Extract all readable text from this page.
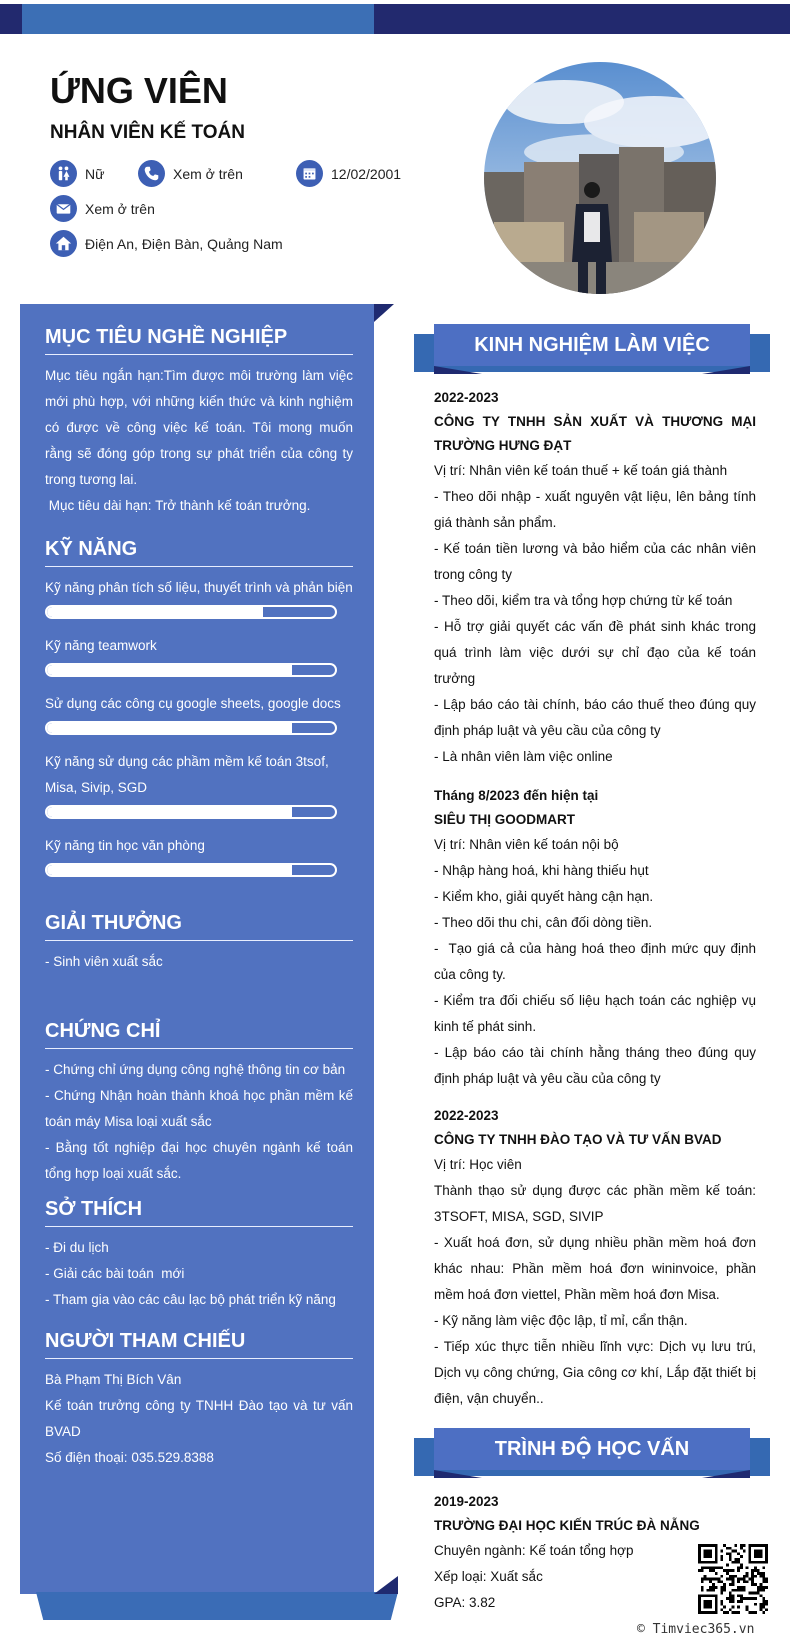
ỨNG VIÊN
NHÂN VIÊN KẾ TOÁN
Nữ	Xem ở trên	12/02/2001
Xem ở trên
Điện An, Điện Bàn, Quảng Nam
MỤC TIÊU NGHỀ NGHIỆP

Mục tiêu ngắn hạn:Tìm được môi trường làm việc mới phù hợp, với những kiến thức và kinh nghiệm có được về công việc kế toán. Tôi mong muốn rằng sẽ đóng góp trong sự phát triển của công ty trong tương lai.

Mục tiêu dài hạn: Trở thành kế toán trưởng.

KỸ NĂNG
Kỹ năng phân tích số liệu, thuyết trình và phản biện
Kỹ năng teamwork
Sử dụng các công cụ google sheets, google docs
Kỹ năng sử dụng các phầm mềm kế toán 3tsof, Misa, Sivip, SGD
Kỹ năng tin học văn phòng
GIẢI THƯỞNG

- Sinh viên xuất sắc

CHỨNG CHỈ

- Chứng chỉ ứng dụng công nghệ thông tin cơ bản

- Chứng Nhận hoàn thành khoá học phần mềm kế toán máy Misa loại xuất sắc

- Bằng tốt nghiệp đại học chuyên ngành kế toán tổng hợp loại xuất sắc.

SỞ THÍCH

- Đi du lịch

- Giải các bài toán  mới

- Tham gia vào các câu lạc bộ phát triển kỹ năng

NGƯỜI THAM CHIẾU

Bà Phạm Thị Bích Vân

Kế toán trưởng công ty TNHH Đào tạo và tư vấn BVAD

Số điện thoại: 035.529.8388

KINH NGHIỆM LÀM VIỆC
2022-2023
CÔNG TY TNHH SẢN XUẤT VÀ THƯƠNG MẠI TRƯỜNG HƯNG ĐẠT
Vị trí: Nhân viên kế toán thuế + kế toán giá thành
- Theo dõi nhập - xuất nguyên vật liệu, lên bảng tính giá thành sản phẩm.
- Kế toán tiền lương và bảo hiểm của các nhân viên trong công ty
- Theo dõi, kiểm tra và tổng hợp chứng từ kế toán
- Hỗ trợ giải quyết các vấn đề phát sinh khác trong quá trình làm việc dưới sự chỉ đạo của kế toán trưởng
- Lập báo cáo tài chính, báo cáo thuế theo đúng quy định pháp luật và yêu cầu của công ty
- Là nhân viên làm việc online
Tháng 8/2023 đến hiện tại
SIÊU THỊ GOODMART
Vị trí: Nhân viên kế toán nội bộ
- Nhập hàng hoá, khi hàng thiếu hụt
- Kiểm kho, giải quyết hàng cận hạn.
- Theo dõi thu chi, cân đối dòng tiền.
-  Tạo giá cả của hàng hoá theo định mức quy định của công ty.
- Kiểm tra đối chiếu số liệu hạch toán các nghiệp vụ kinh tế phát sinh.
- Lập báo cáo tài chính hằng tháng theo đúng quy định pháp luật và yêu cầu của công ty
2022-2023
CÔNG TY TNHH ĐÀO TẠO VÀ TƯ VẤN BVAD
Vị trí: Học viên
Thành thạo sử dụng được các phần mềm kế toán: 3TSOFT, MISA, SGD, SIVIP
- Xuất hoá đơn, sử dụng nhiều phần mềm hoá đơn khác nhau: Phần mềm hoá đơn wininvoice, phần mềm hoá đơn viettel, Phần mềm hoá đơn Misa.
- Kỹ năng làm việc độc lập, tỉ mỉ, cẩn thận.
- Tiếp xúc thực tiễn nhiều lĩnh vực: Dịch vụ lưu trú, Dịch vụ công chứng, Gia công cơ khí, Lắp đặt thiết bị điện, vận chuyển..
TRÌNH ĐỘ HỌC VẤN
2019-2023
TRƯỜNG ĐẠI HỌC KIẾN TRÚC ĐÀ NẴNG
Chuyên ngành: Kế toán tổng hợp
Xếp loại: Xuất sắc
GPA: 3.82
© Timviec365.vn
